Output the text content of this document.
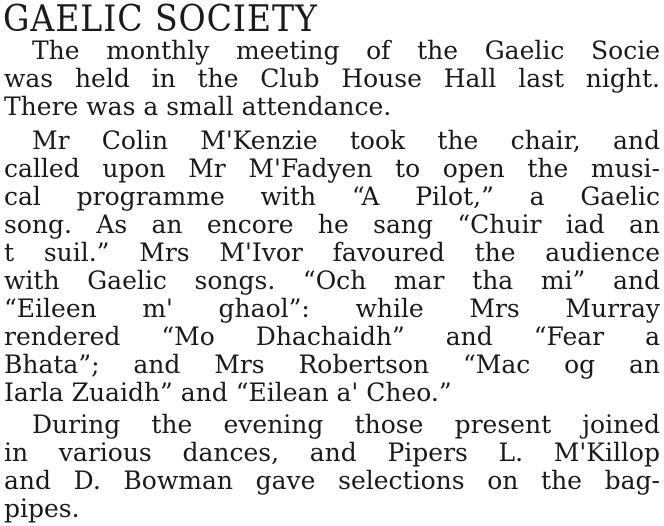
GAELIC SOCIETY
The monthly meeting of the Gaelic Socie
was held in the Club House Hall last night.
There was a small attendance.
Mr Colin M'Kenzie took the chair, and
called upon Mr M'Fadyen to open the musi-
cal programme with “A Pilot,” a Gaelic
song. As an encore he sang “Chuir iad an
t suil.” Mrs M'Ivor favoured the audience
with Gaelic songs. “Och mar tha mi” and
“Eileen m' ghaol”: while Mrs Murray
rendered “Mo Dhachaidh” and “Fear a
Bhata”; and Mrs Robertson “Mac og an
Iarla Zuaidh” and “Eilean a' Cheo.”
During the evening those present joined
in various dances, and Pipers L. M'Killop
and D. Bowman gave selections on the bag-
pipes.
